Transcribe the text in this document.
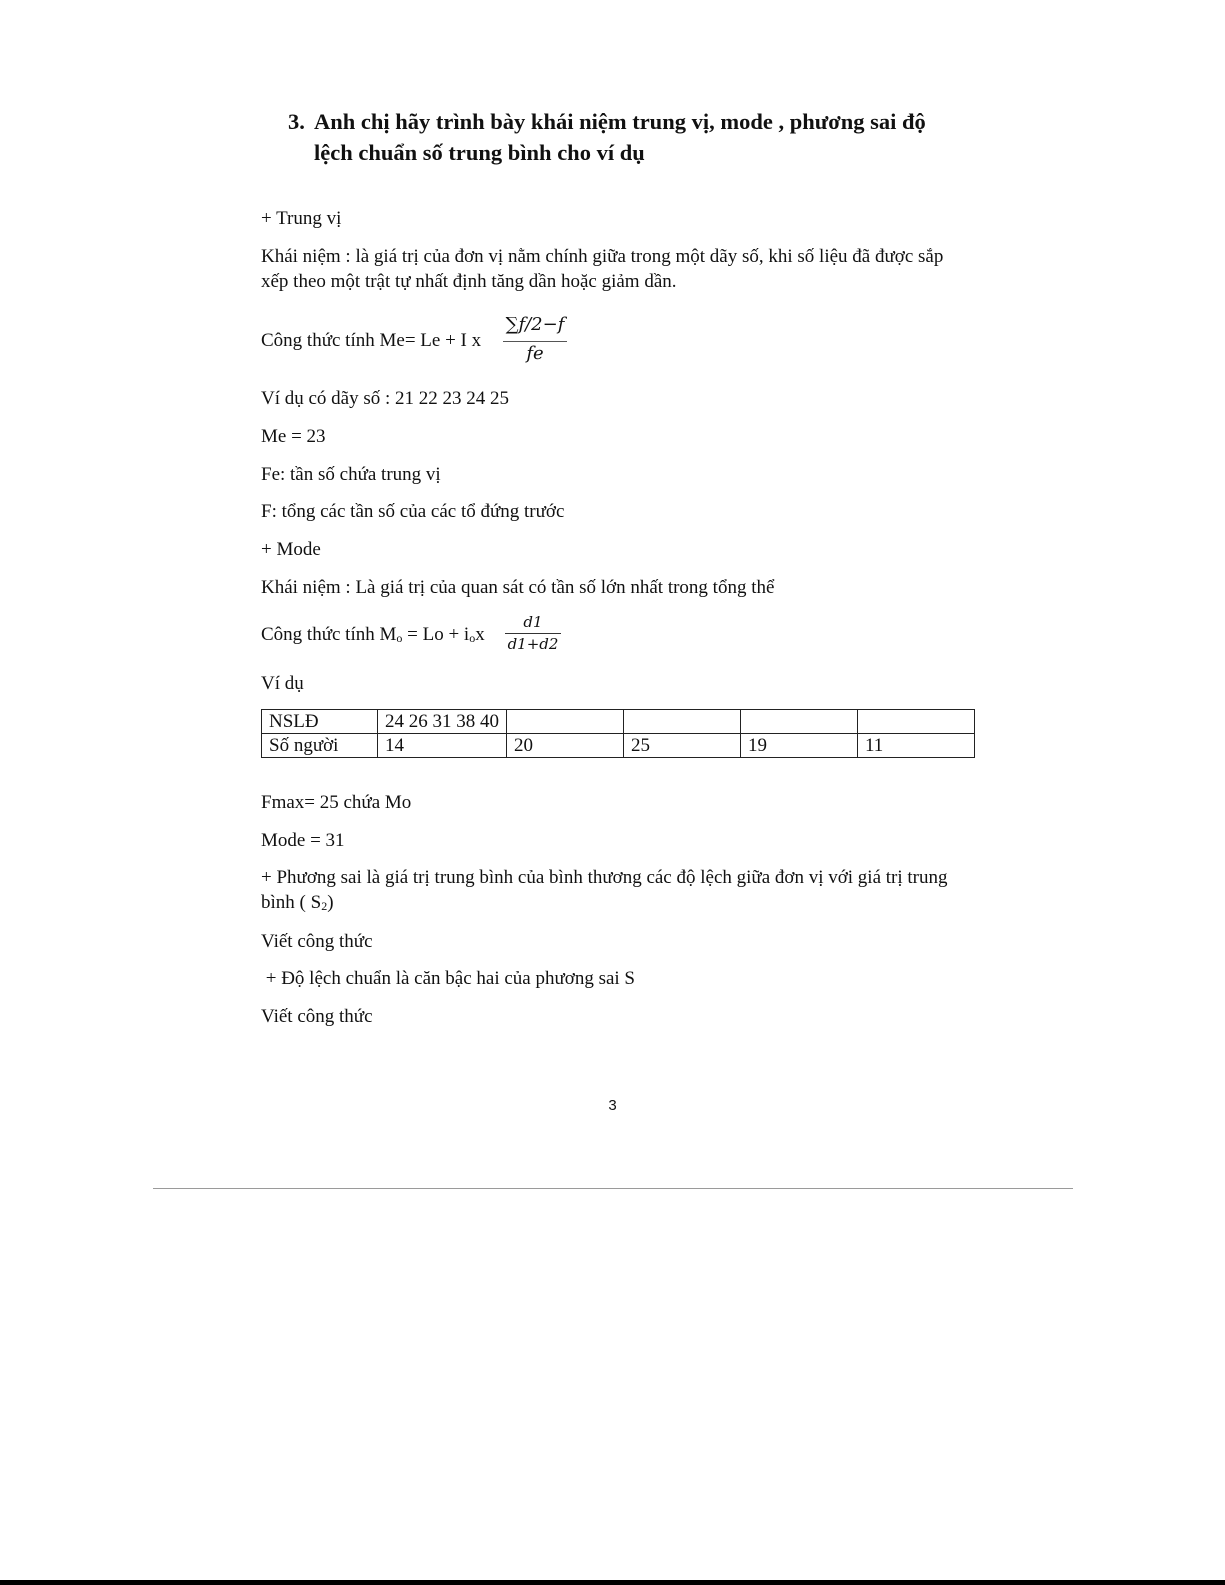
3. Anh chị hãy trình bày khái niệm trung vị, mode , phương sai độ lệch chuẩn số trung bình cho ví dụ
+ Trung vị
Khái niệm : là giá trị của đơn vị nằm chính giữa trong một dãy số, khi số liệu đã được sắp xếp theo một trật tự nhất định tăng dần hoặc giảm dần.
Công thức tính Me= Le + I x $\frac{\sum f/2-f}{fe}$
Ví dụ có dãy số : 21 22 23 24 25
Me = 23
Fe: tần số chứa trung vị
F: tổng các tần số của các tổ đứng trước
+ Mode
Khái niệm : Là giá trị của quan sát có tần số lớn nhất trong tổng thể
Công thức tính Mo = Lo + iox $\frac{d1}{d1+d2}$
Ví dụ
NSLĐ	24 26 31 38 40				
Số người	14	20	25	19	11
Fmax= 25 chứa Mo
Mode = 31
+ Phương sai là giá trị trung bình của bình thương các độ lệch giữa đơn vị với giá trị trung bình ( S2)
Viết công thức
+ Độ lệch chuẩn là căn bậc hai của phương sai S
Viết công thức
3
